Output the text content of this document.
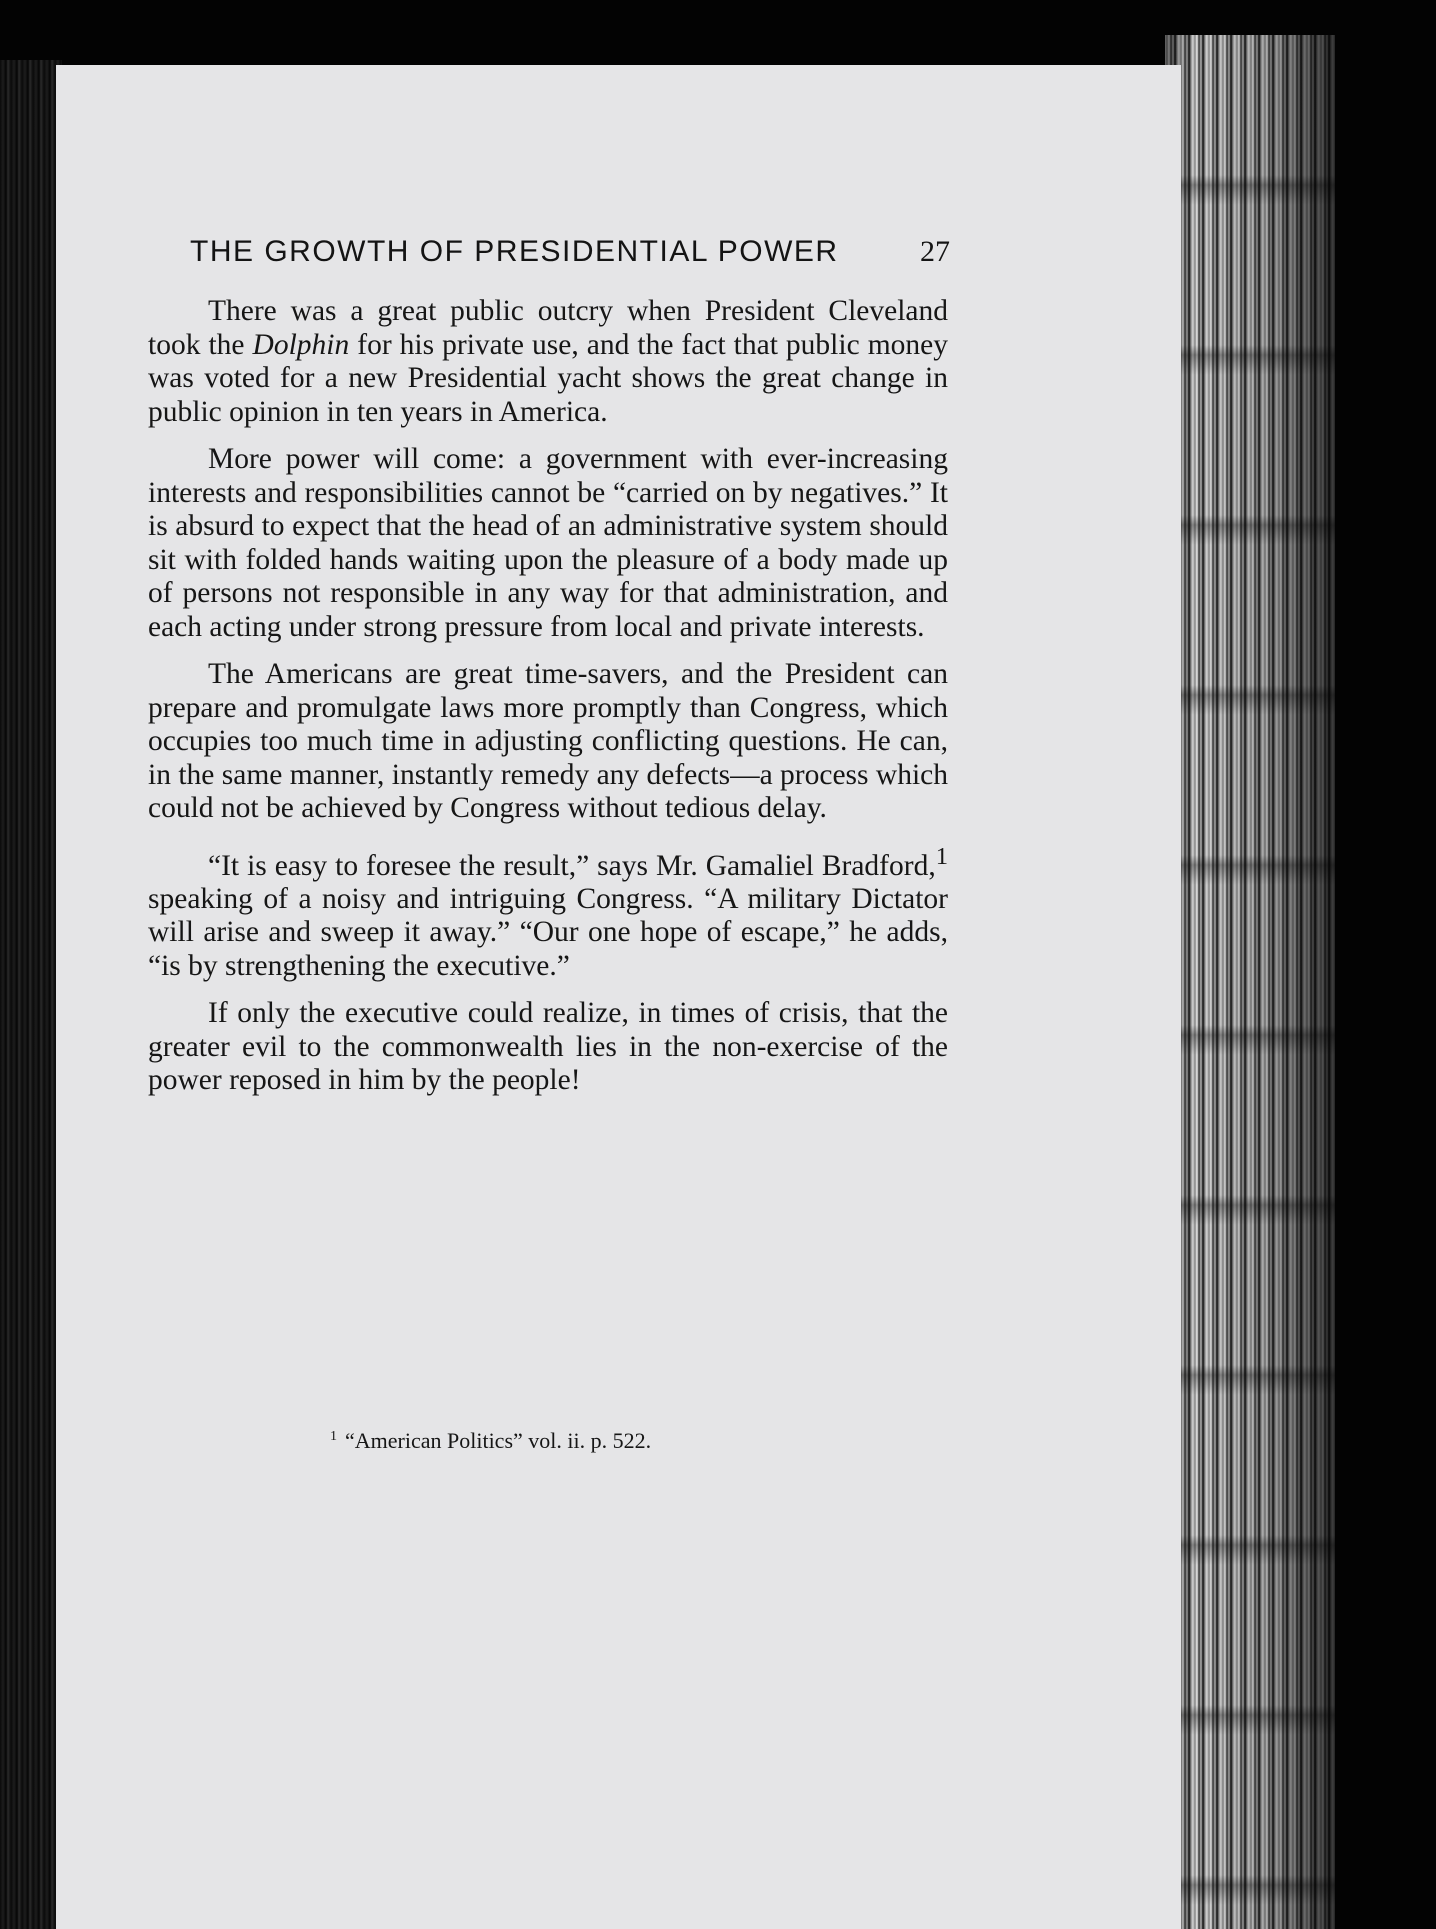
THE GROWTH OF PRESIDENTIAL POWER	27

There was a great public outcry when President Cleveland took the Dolphin for his private use, and the fact that public money was voted for a new Presidential yacht shows the great change in public opinion in ten years in America.

More power will come: a government with ever-increasing interests and responsibilities cannot be “carried on by negatives.” It is absurd to expect that the head of an administrative system should sit with folded hands waiting upon the pleasure of a body made up of persons not responsible in any way for that administration, and each acting under strong pressure from local and private interests.

The Americans are great time-savers, and the President can prepare and promulgate laws more promptly than Congress, which occupies too much time in adjusting conflicting questions. He can, in the same manner, instantly remedy any defects—a process which could not be achieved by Congress without tedious delay.

“It is easy to foresee the result,” says Mr. Gamaliel Bradford,$^1$ speaking of a noisy and intriguing Congress. “A military Dictator will arise and sweep it away.” “Our one hope of escape,” he adds, “is by strengthening the executive.”

If only the executive could realize, in times of crisis, that the greater evil to the commonwealth lies in the non-exercise of the power reposed in him by the people!

$^1$ “American Politics” vol. ii. p. 522.
